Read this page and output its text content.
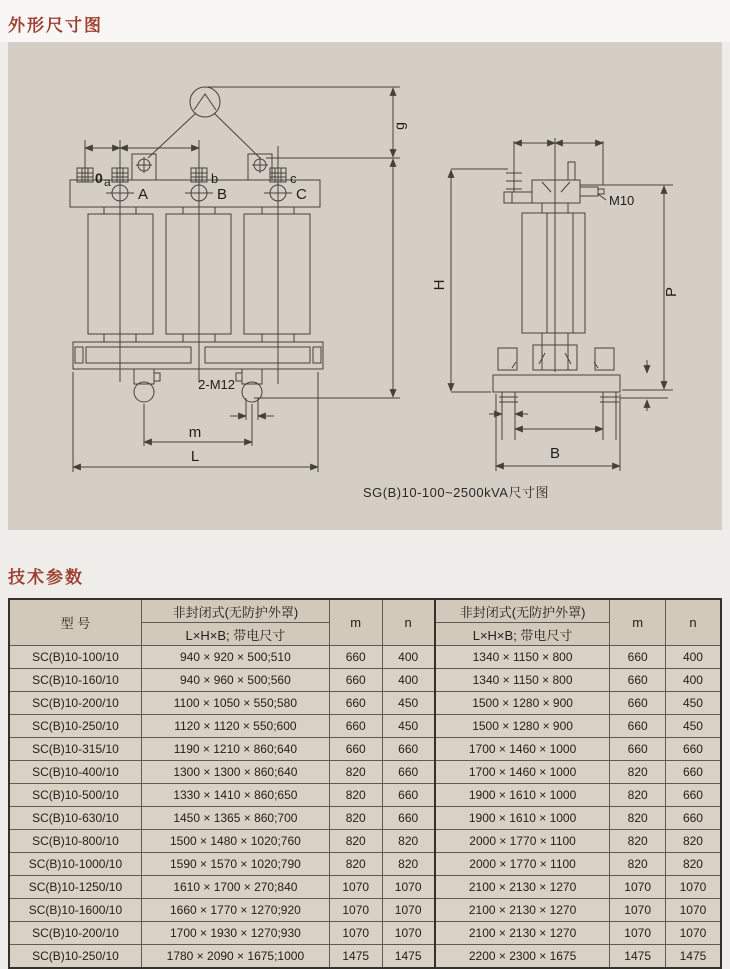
外形尺寸图
0 a	b	c
A	B	C
2-M12
g
m
L
M10
H
P
B
SG(B)10-100~2500kVA尺寸图
技术参数
型 号	非封闭式(无防护外罩)	m	n	非封闭式(无防护外罩)	m	n
	L×H×B; 带电尺寸			L×H×B; 带电尺寸		
SC(B)10-100/10	940 × 920 × 500;510	660	400	1340 × 1150 × 800	660	400
SC(B)10-160/10	940 × 960 × 500;560	660	400	1340 × 1150 × 800	660	400
SC(B)10-200/10	1100 × 1050 × 550;580	660	450	1500 × 1280 × 900	660	450
SC(B)10-250/10	1120 × 1120 × 550;600	660	450	1500 × 1280 × 900	660	450
SC(B)10-315/10	1190 × 1210 × 860;640	660	660	1700 × 1460 × 1000	660	660
SC(B)10-400/10	1300 × 1300 × 860;640	820	660	1700 × 1460 × 1000	820	660
SC(B)10-500/10	1330 × 1410 × 860;650	820	660	1900 × 1610 × 1000	820	660
SC(B)10-630/10	1450 × 1365 × 860;700	820	660	1900 × 1610 × 1000	820	660
SC(B)10-800/10	1500 × 1480 × 1020;760	820	820	2000 × 1770 × 1100	820	820
SC(B)10-1000/10	1590 × 1570 × 1020;790	820	820	2000 × 1770 × 1100	820	820
SC(B)10-1250/10	1610 × 1700 × 270;840	1070	1070	2100 × 2130 × 1270	1070	1070
SC(B)10-1600/10	1660 × 1770 × 1270;920	1070	1070	2100 × 2130 × 1270	1070	1070
SC(B)10-200/10	1700 × 1930 × 1270;930	1070	1070	2100 × 2130 × 1270	1070	1070
SC(B)10-250/10	1780 × 2090 × 1675;1000	1475	1475	2200 × 2300 × 1675	1475	1475
